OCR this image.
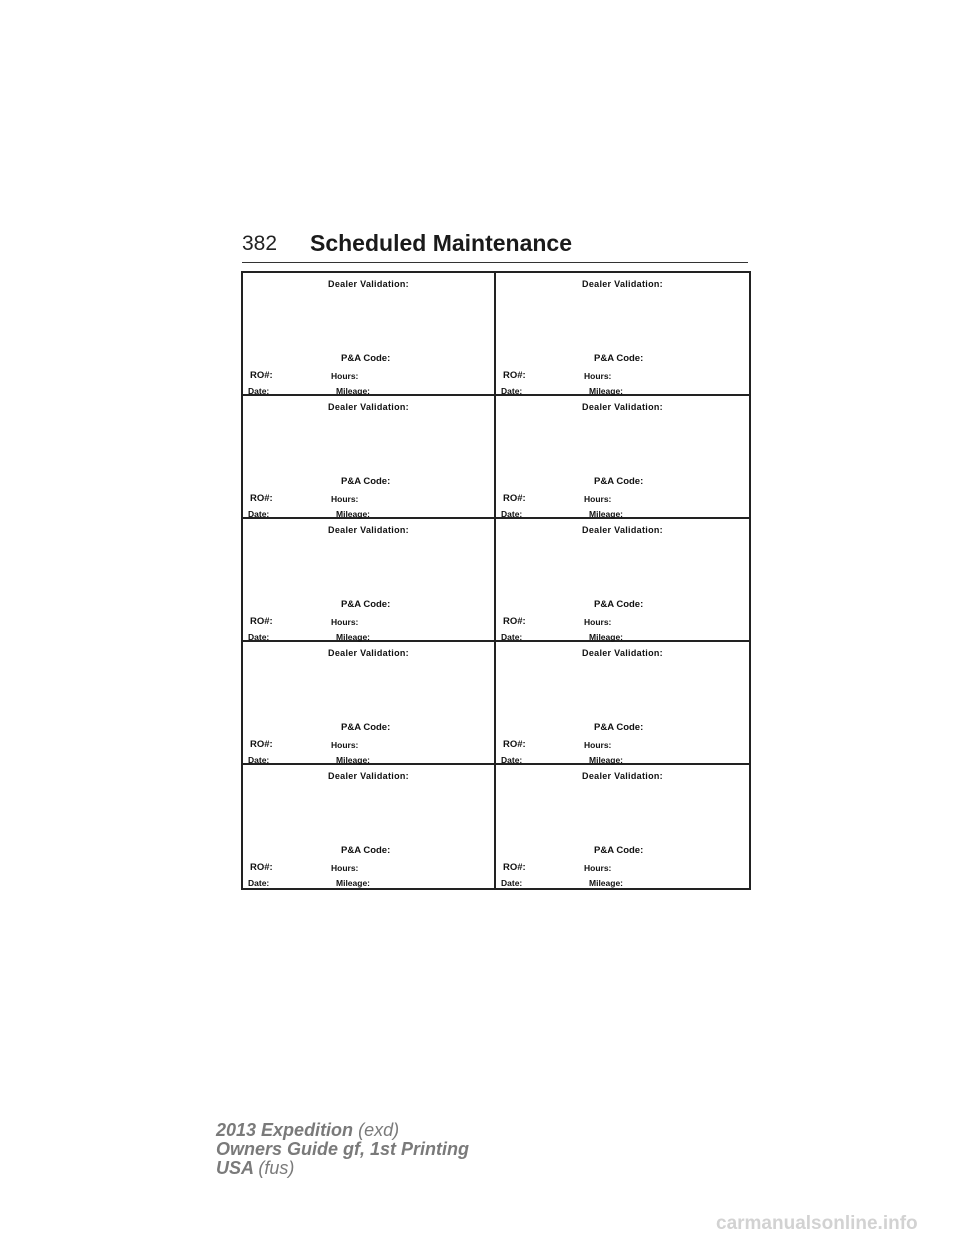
382 Scheduled Maintenance
Dealer Validation:
P&A Code:
RO#:	Hours:
Date:	Mileage:
Dealer Validation:
P&A Code:
RO#:	Hours:
Date:	Mileage:
Dealer Validation:
P&A Code:
RO#:	Hours:
Date:	Mileage:
Dealer Validation:
P&A Code:
RO#:	Hours:
Date:	Mileage:
Dealer Validation:
P&A Code:
RO#:	Hours:
Date:	Mileage:
Dealer Validation:
P&A Code:
RO#:	Hours:
Date:	Mileage:
Dealer Validation:
P&A Code:
RO#:	Hours:
Date:	Mileage:
Dealer Validation:
P&A Code:
RO#:	Hours:
Date:	Mileage:
Dealer Validation:
P&A Code:
RO#:	Hours:
Date:	Mileage:
Dealer Validation:
P&A Code:
RO#:	Hours:
Date:	Mileage:
2013 Expedition (exd)
Owners Guide gf, 1st Printing
USA (fus)
carmanualsonline.info
